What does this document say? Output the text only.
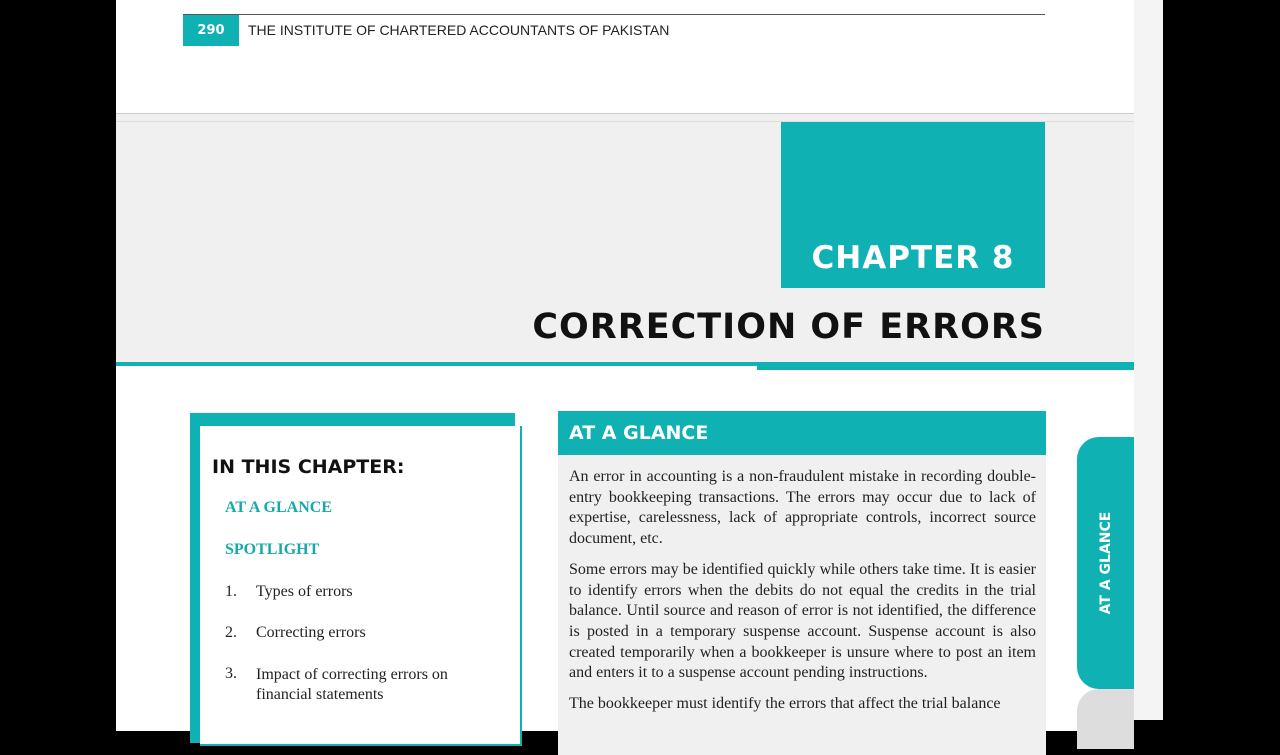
290	THE INSTITUTE OF CHARTERED ACCOUNTANTS OF PAKISTAN
CHAPTER 8
CORRECTION OF ERRORS
IN THIS CHAPTER:
AT A GLANCE
SPOTLIGHT
1. Types of errors
2. Correcting errors
3.	Impact of correcting errors on financial statements
AT A GLANCE

An error in accounting is a non-fraudulent mistake in recording double-entry bookkeeping transactions. The errors may occur due to lack of expertise, carelessness, lack of appropriate controls, incorrect source document, etc.

Some errors may be identified quickly while others take time. It is easier to identify errors when the debits do not equal the credits in the trial balance. Until source and reason of error is not identified, the difference is posted in a temporary suspense account. Suspense account is also created temporarily when a bookkeeper is unsure where to post an item and enters it to a suspense account pending instructions.

The bookkeeper must identify the errors that affect the trial balance

AT A GLANCE
